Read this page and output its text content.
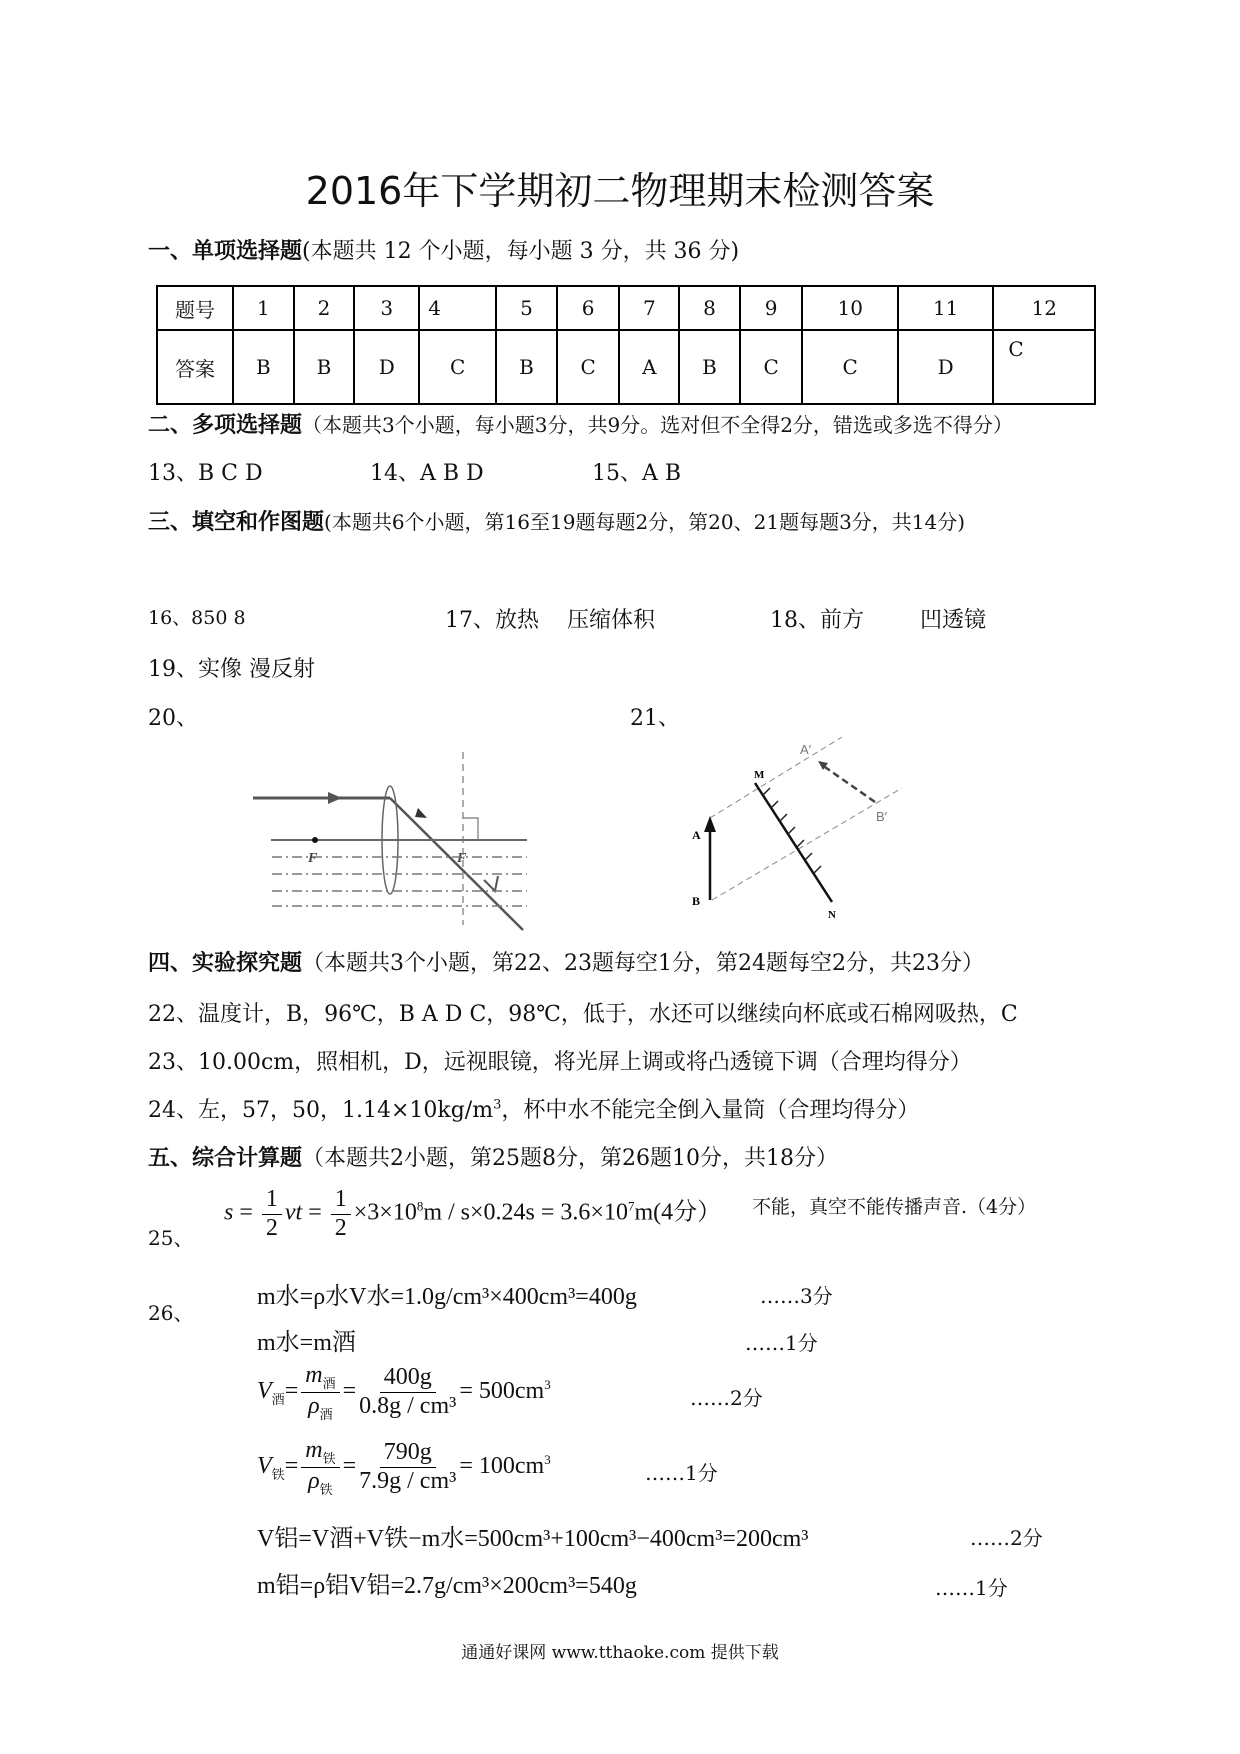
2016年下学期初二物理期末检测答案
一、单项选择题(本题共 12 个小题，每小题 3 分，共 36 分)
题号	1	2	3	4	5	6	7	8	9	10	11	12
答案	B	B	D	C	B	C	A	B	C	C	D	C
二、多项选择题（本题共3个小题，每小题3分，共9分。选对但不全得2分，错选或多选不得分）
13、B C D	14、A B D	15、A B
三、填空和作图题(本题共6个小题，第16至19题每题2分，第20、21题每题3分，共14分)
16、850 8	17、放热 压缩体积	18、前方	凹透镜
19、实像 漫反射
20、	21、
F	F
A
B
M
N
A′
B′
四、实验探究题（本题共3个小题，第22、23题每空1分，第24题每空2分，共23分）
22、温度计，B，96℃，B A D C，98℃，低于，水还可以继续向杯底或石棉网吸热，C
23、10.00cm，照相机，D，远视眼镜，将光屏上调或将凸透镜下调（合理均得分）
24、左，57，50，$1.14\times 10kg/m^3$，杯中水不能完全倒入量筒（合理均得分）
五、综合计算题（本题共2小题，第25题8分，第26题10分，共18分）
25、
$s = \frac{1}{2}$ vt = $\frac{1}{2} \times 3\times 10^8m / s\times 0.24s = 3.6\times 10^7m(4$分） 不能，真空不能传播声音.（4分）
26、
m水=ρ水V水=1.0g/cm³×400cm³=400g	……3分
m水=m酒	……1分
$V_酒= \frac{m_酒}{\rho_酒} = \frac{400g}{\text{0.8g / cm³}} = 500cm^3$
……2分
$V_铁= \frac{m_铁}{\rho_铁} = \frac{790g}{\text{7.9g / cm³}} = 100cm^3$
……1分
V铝=V酒+V铁−m水=500cm³+100cm³−400cm³=200cm³	……2分
m铝=ρ铝V铝=2.7g/cm³×200cm³=540g	……1分
通通好课网 www.tthaoke.com 提供下载
